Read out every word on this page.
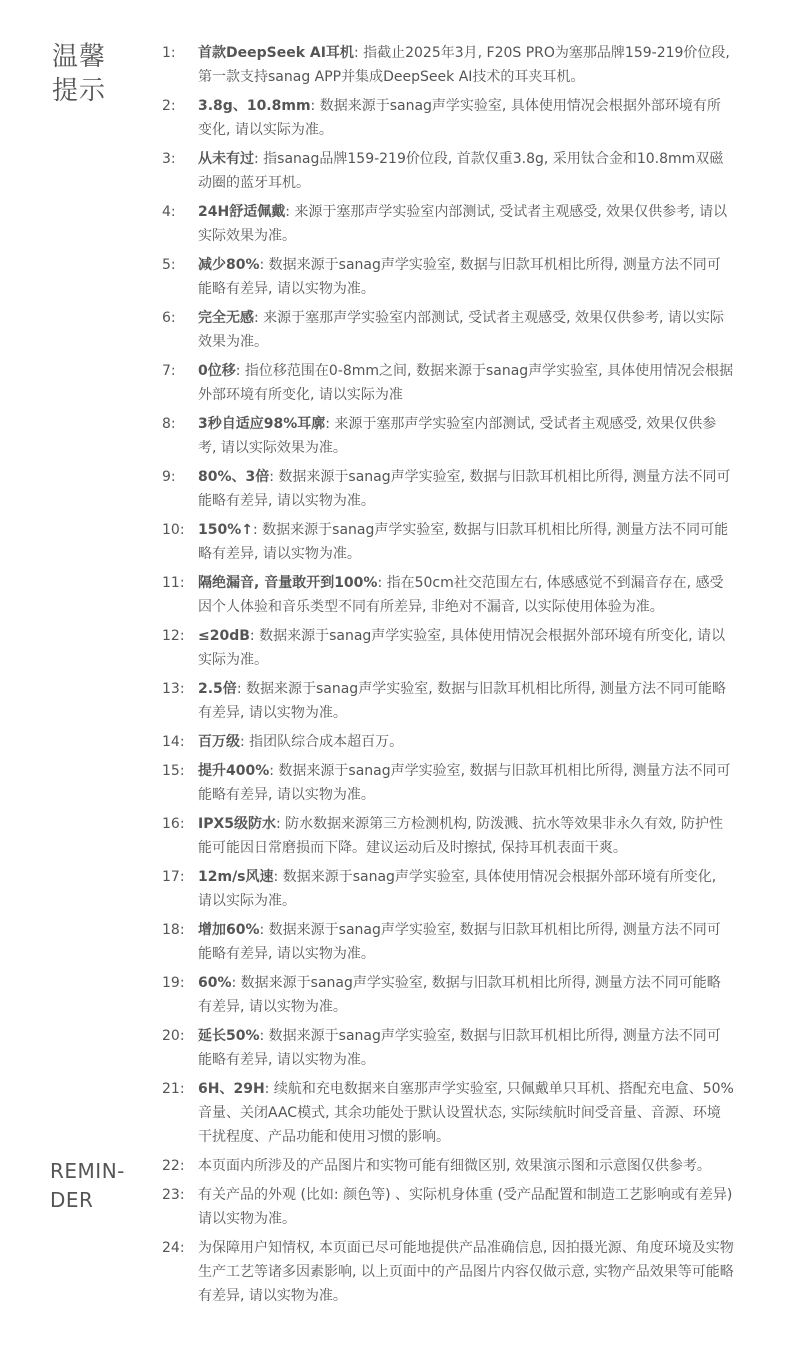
温馨
提示
REMIN-
DER
1:	首款DeepSeek AI耳机: 指截止2025年3月, F20S PRO为塞那品牌159-219价位段, 第一款支持sanag APP并集成DeepSeek AI技术的耳夹耳机。
2:	3.8g、10.8mm: 数据来源于sanag声学实验室, 具体使用情况会根据外部环境有所变化, 请以实际为准。
3:	从未有过: 指sanag品牌159-219价位段, 首款仅重3.8g, 采用钛合金和10.8mm双磁动圈的蓝牙耳机。
4:	24H舒适佩戴: 来源于塞那声学实验室内部测试, 受试者主观感受, 效果仅供参考, 请以实际效果为准。
5:	减少80%: 数据来源于sanag声学实验室, 数据与旧款耳机相比所得, 测量方法不同可能略有差异, 请以实物为准。
6:	完全无感: 来源于塞那声学实验室内部测试, 受试者主观感受, 效果仅供参考, 请以实际效果为准。
7:	0位移: 指位移范围在0-8mm之间, 数据来源于sanag声学实验室, 具体使用情况会根据外部环境有所变化, 请以实际为准
8:	3秒自适应98%耳廓: 来源于塞那声学实验室内部测试, 受试者主观感受, 效果仅供参考, 请以实际效果为准。
9:	80%、3倍: 数据来源于sanag声学实验室, 数据与旧款耳机相比所得, 测量方法不同可能略有差异, 请以实物为准。
10: 150%↑: 数据来源于sanag声学实验室, 数据与旧款耳机相比所得, 测量方法不同可能略有差异, 请以实物为准。
11: 隔绝漏音, 音量敢开到100%: 指在50cm社交范围左右, 体感感觉不到漏音存在, 感受因个人体验和音乐类型不同有所差异, 非绝对不漏音, 以实际使用体验为准。
12: ≤20dB: 数据来源于sanag声学实验室, 具体使用情况会根据外部环境有所变化, 请以实际为准。
13: 2.5倍: 数据来源于sanag声学实验室, 数据与旧款耳机相比所得, 测量方法不同可能略有差异, 请以实物为准。
14: 百万级: 指团队综合成本超百万。
15: 提升400%: 数据来源于sanag声学实验室, 数据与旧款耳机相比所得, 测量方法不同可能略有差异, 请以实物为准。
16: IPX5级防水: 防水数据来源第三方检测机构, 防泼溅、抗水等效果非永久有效, 防护性能可能因日常磨损而下降。建议运动后及时擦拭, 保持耳机表面干爽。
17: 12m/s风速: 数据来源于sanag声学实验室, 具体使用情况会根据外部环境有所变化, 请以实际为准。
18: 增加60%: 数据来源于sanag声学实验室, 数据与旧款耳机相比所得, 测量方法不同可能略有差异, 请以实物为准。
19: 60%: 数据来源于sanag声学实验室, 数据与旧款耳机相比所得, 测量方法不同可能略有差异, 请以实物为准。
20: 延长50%: 数据来源于sanag声学实验室, 数据与旧款耳机相比所得, 测量方法不同可能略有差异, 请以实物为准。
21: 6H、29H: 续航和充电数据来自塞那声学实验室, 只佩戴单只耳机、搭配充电盒、50%音量、关闭AAC模式, 其余功能处于默认设置状态, 实际续航时间受音量、音源、环境干扰程度、产品功能和使用习惯的影响。
22: 本页面内所涉及的产品图片和实物可能有细微区别, 效果演示图和示意图仅供参考。
23: 有关产品的外观 (比如: 颜色等) 、实际机身体重 (受产品配置和制造工艺影响或有差异) 请以实物为准。
24: 为保障用户知情权, 本页面已尽可能地提供产品准确信息, 因拍摄光源、角度环境及实物生产工艺等诸多因素影响, 以上页面中的产品图片内容仅做示意, 实物产品效果等可能略有差异, 请以实物为准。
